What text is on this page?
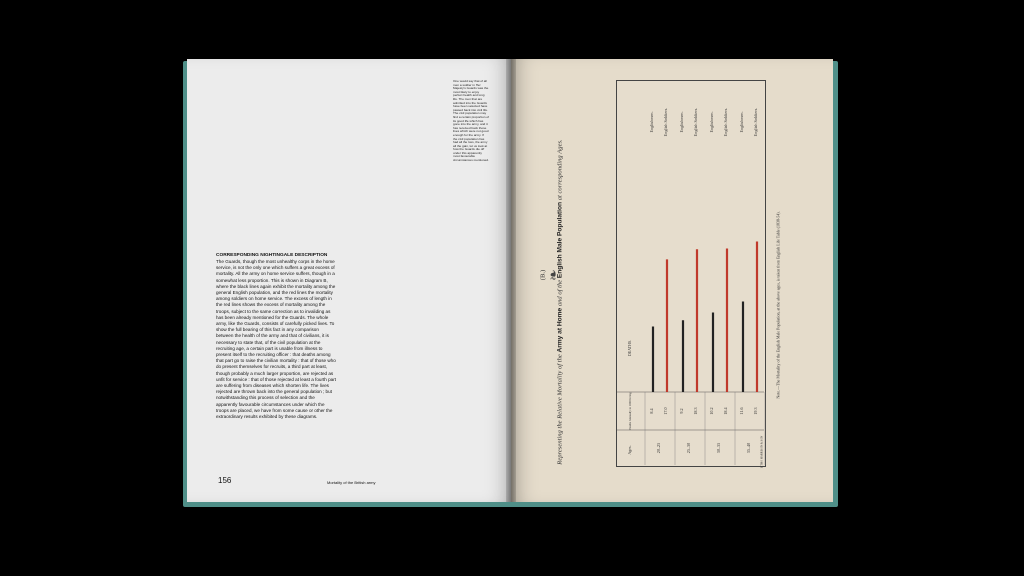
One would say that of all men a soldier in Her Majesty's Guards was the most likely to enjoy perfect health and long life. The men that are admitted into the Guards have been selected have passed back into civil life. The civil population may find a certain proportion of its good life which has gone into the army, and it has received back those lives which were not good enough for the army. If the civil population has had all the loss, the army all the gain, let us look at how the Guards die off under this apparently most favourable circumstances mentioned.
CORRESPONDING NIGHTINGALE DESCRIPTION
The Guards, though the most unhealthy corps in the home service, is not the only one which suffers a great excess of mortality. All the army on home service suffers, though in a somewhat less proportion. This is shown in Diagram B, where the black lines again exhibit the mortality among the general English population, and the red lines the mortality among soldiers on home service. The excess of length in the red lines shows the excess of mortality among the troops, subject to the same correction as to invaliding as has been already mentioned for the Guards. The whole army, like the Guards, consists of carefully picked lives. To show the full bearing of this fact in any comparison between the health of the army and that of civilians, it is necessary to state that, of the civil population at the recruiting age, a certain part is unable from illness to present itself to the recruiting officer : that deaths among that part go to raise the civilian mortality : that of those who do present themselves for recruits, a third part at least, though probably a much larger proportion, are rejected as unfit for service : that of those rejected at least a fourth part are suffering from diseases which shorten life. The lives rejected are thrown back into the general population ; but notwithstanding this process of selection and the apparently favourable circumstances under which the troops are placed, we have from some cause or other the extraordinary results exhibited by these diagrams.
156	Mortality of the British army
Representing the Relative Mortality of the Army at Home and of the English Male Population at corresponding Ages.
(B.) ❧
Ages.
Deaths Annually to 1000 living.
DEATHS.
20–25
8.4
Englishmen.
17.0
English Soldiers.
25–30
9.2
Englishmen.
18.3
English Soldiers.
30–35
10.2
Englishmen.
18.4
English Soldiers.
35–40
11.6
Englishmen.
19.3
English Soldiers.
Note.—The Mortality of the English Male Population, at the above ages, is taken from English Life Table (1838-54).
LITHO HARRISON & SON
